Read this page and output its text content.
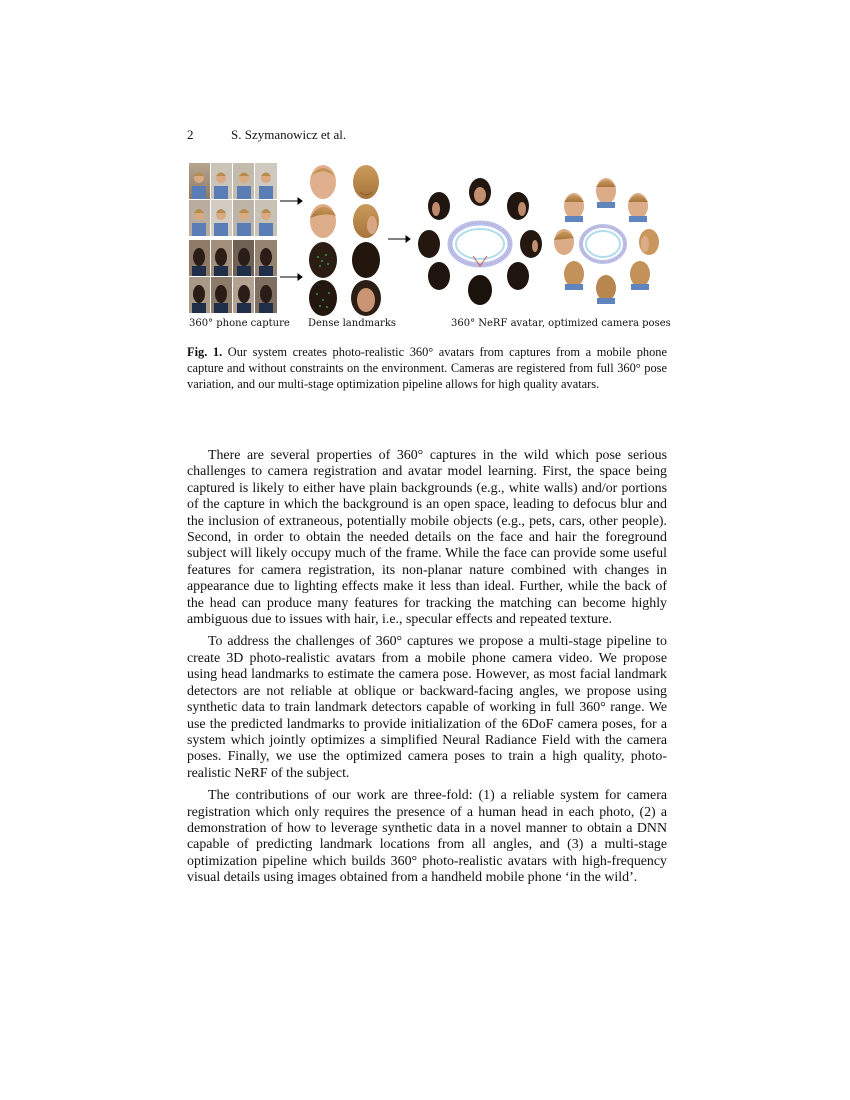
2	S. Szymanowicz et al.
360° phone capture Dense landmarks	360° NeRF avatar, optimized camera poses
Fig. 1. Our system creates photo-realistic 360° avatars from captures from a mobile phone capture and without constraints on the environment. Cameras are registered from full 360° pose variation, and our multi-stage optimization pipeline allows for high quality avatars.

There are several properties of 360° captures in the wild which pose serious challenges to camera registration and avatar model learning. First, the space being captured is likely to either have plain backgrounds (e.g., white walls) and/or portions of the capture in which the background is an open space, leading to defocus blur and the inclusion of extraneous, potentially mobile objects (e.g., pets, cars, other people). Second, in order to obtain the needed details on the face and hair the foreground subject will likely occupy much of the frame. While the face can provide some useful features for camera registration, its non-planar nature combined with changes in appearance due to lighting effects make it less than ideal. Further, while the back of the head can produce many features for tracking the matching can become highly ambiguous due to issues with hair, i.e., specular effects and repeated texture.

To address the challenges of 360° captures we propose a multi-stage pipeline to create 3D photo-realistic avatars from a mobile phone camera video. We propose using head landmarks to estimate the camera pose. However, as most facial landmark detectors are not reliable at oblique or backward-facing angles, we propose using synthetic data to train landmark detectors capable of working in full 360° range. We use the predicted landmarks to provide initialization of the 6DoF camera poses, for a system which jointly optimizes a simplified Neural Radiance Field with the camera poses. Finally, we use the optimized camera poses to train a high quality, photo-realistic NeRF of the subject.

The contributions of our work are three-fold: (1) a reliable system for camera registration which only requires the presence of a human head in each photo, (2) a demonstration of how to leverage synthetic data in a novel manner to obtain a DNN capable of predicting landmark locations from all angles, and (3) a multi-stage optimization pipeline which builds 360° photo-realistic avatars with high-frequency visual details using images obtained from a handheld mobile phone ‘in the wild’.
